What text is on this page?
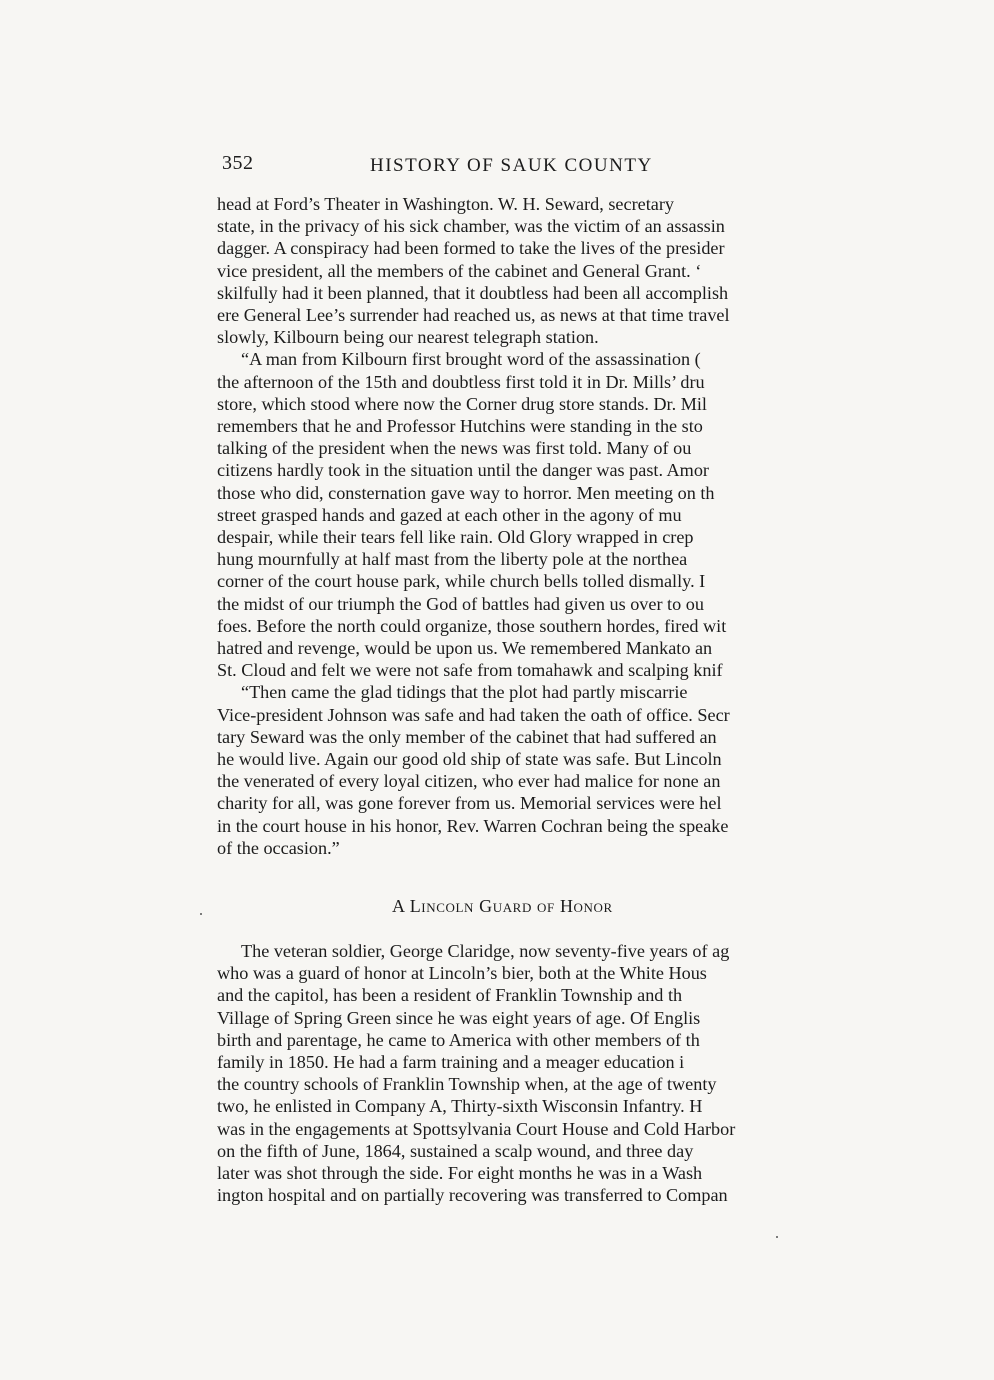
352	HISTORY OF SAUK COUNTY
head at Ford’s Theater in Washington. W. H. Seward, secretary
state, in the privacy of his sick chamber, was the victim of an assassin
dagger. A conspiracy had been formed to take the lives of the presider
vice president, all the members of the cabinet and General Grant. ‘
skilfully had it been planned, that it doubtless had been all accomplish
ere General Lee’s surrender had reached us, as news at that time travel
slowly, Kilbourn being our nearest telegraph station.
“A man from Kilbourn first brought word of the assassination (
the afternoon of the 15th and doubtless first told it in Dr. Mills’ dru
store, which stood where now the Corner drug store stands. Dr. Mil
remembers that he and Professor Hutchins were standing in the sto
talking of the president when the news was first told. Many of ou
citizens hardly took in the situation until the danger was past. Amor
those who did, consternation gave way to horror. Men meeting on th
street grasped hands and gazed at each other in the agony of mu
despair, while their tears fell like rain. Old Glory wrapped in crep
hung mournfully at half mast from the liberty pole at the northea
corner of the court house park, while church bells tolled dismally. I
the midst of our triumph the God of battles had given us over to ou
foes. Before the north could organize, those southern hordes, fired wit
hatred and revenge, would be upon us. We remembered Mankato an
St. Cloud and felt we were not safe from tomahawk and scalping knif
“Then came the glad tidings that the plot had partly miscarrie
Vice-president Johnson was safe and had taken the oath of office. Secr
tary Seward was the only member of the cabinet that had suffered an
he would live. Again our good old ship of state was safe. But Lincoln
the venerated of every loyal citizen, who ever had malice for none an
charity for all, was gone forever from us. Memorial services were hel
in the court house in his honor, Rev. Warren Cochran being the speake
of the occasion.”
A Lincoln Guard of Honor
The veteran soldier, George Claridge, now seventy-five years of ag
who was a guard of honor at Lincoln’s bier, both at the White Hous
and the capitol, has been a resident of Franklin Township and th
Village of Spring Green since he was eight years of age. Of Englis
birth and parentage, he came to America with other members of th
family in 1850. He had a farm training and a meager education i
the country schools of Franklin Township when, at the age of twenty
two, he enlisted in Company A, Thirty-sixth Wisconsin Infantry. H
was in the engagements at Spottsylvania Court House and Cold Harbor
on the fifth of June, 1864, sustained a scalp wound, and three day
later was shot through the side. For eight months he was in a Wash
ington hospital and on partially recovering was transferred to Compan
